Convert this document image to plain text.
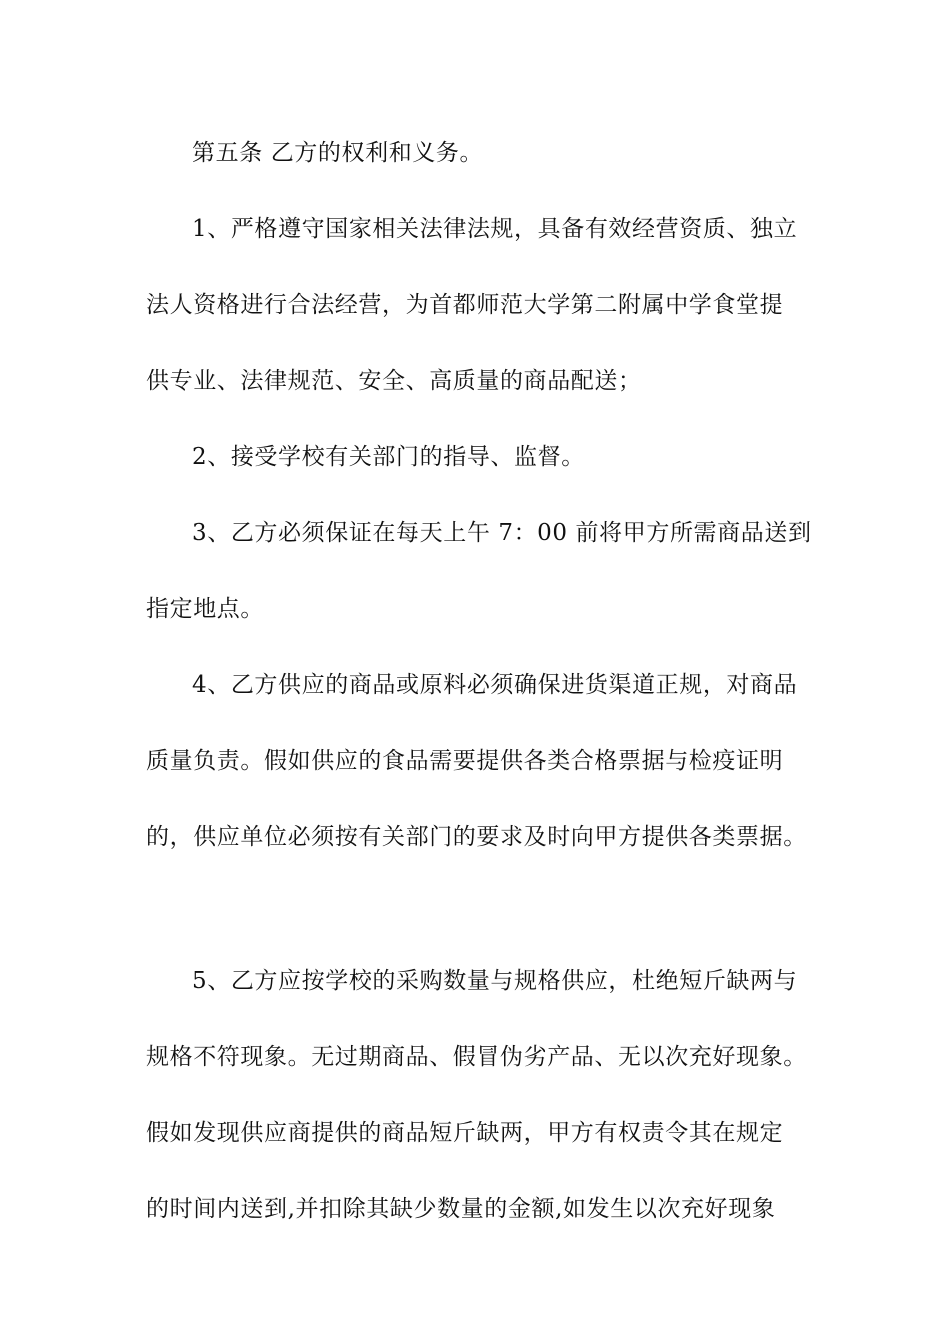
第五条 乙方的权利和义务。
1、严格遵守国家相关法律法规，具备有效经营资质、独立
法人资格进行合法经营，为首都师范大学第二附属中学食堂提
供专业、法律规范、安全、高质量的商品配送；
2、接受学校有关部门的指导、监督。
3、乙方必须保证在每天上午 7：00 前将甲方所需商品送到
指定地点。
4、乙方供应的商品或原料必须确保进货渠道正规，对商品
质量负责。假如供应的食品需要提供各类合格票据与检疫证明
的，供应单位必须按有关部门的要求及时向甲方提供各类票据。
5、乙方应按学校的采购数量与规格供应，杜绝短斤缺两与
规格不符现象。无过期商品、假冒伪劣产品、无以次充好现象。
假如发现供应商提供的商品短斤缺两，甲方有权责令其在规定
的时间内送到,并扣除其缺少数量的金额,如发生以次充好现象
